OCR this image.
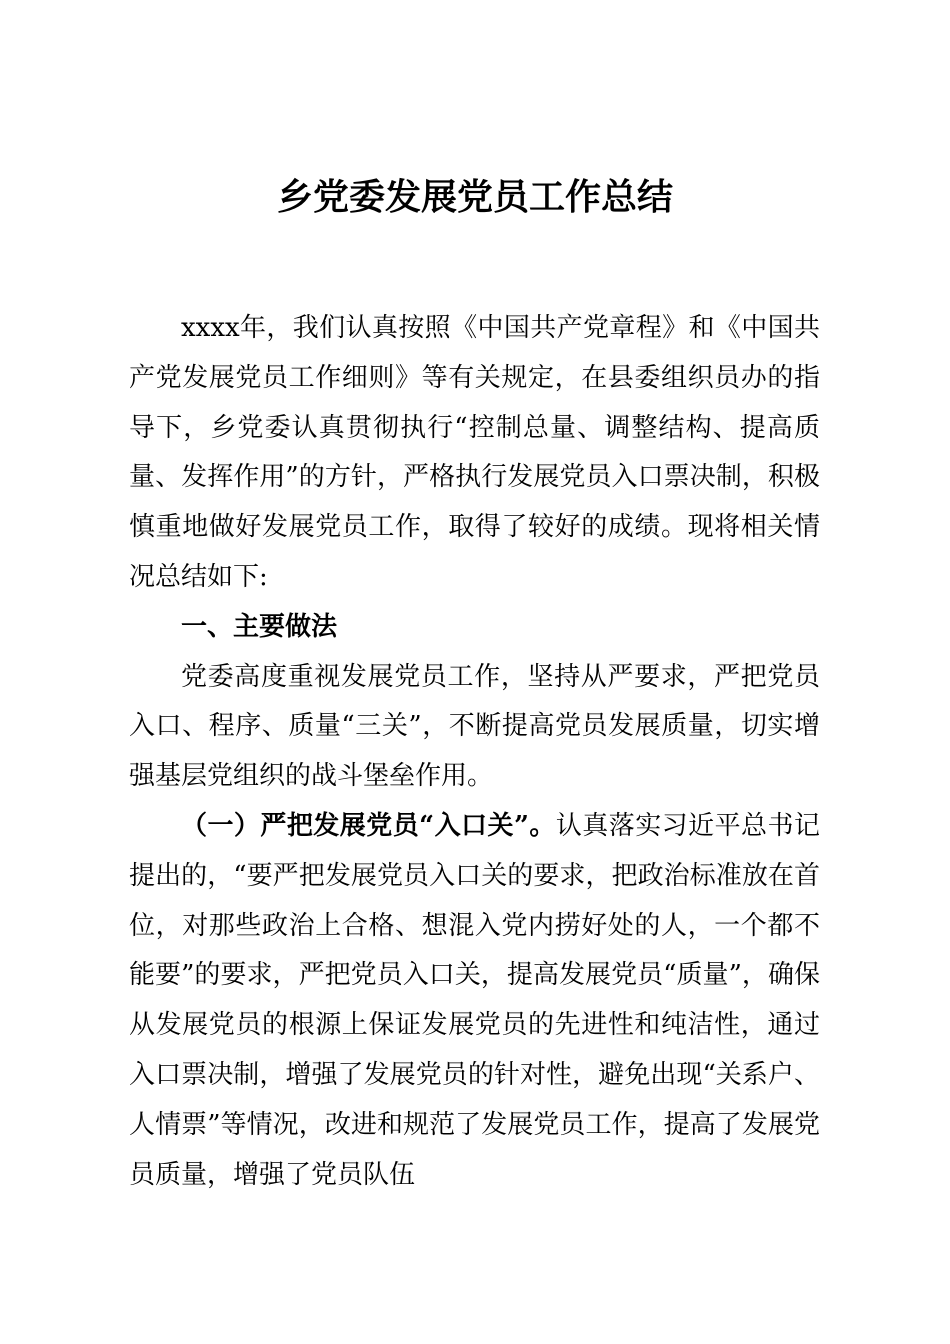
乡党委发展党员工作总结

xxxx年，我们认真按照《中国共产党章程》和《中国共产党发展党员工作细则》等有关规定，在县委组织员办的指导下，乡党委认真贯彻执行“控制总量、调整结构、提高质量、发挥作用”的方针，严格执行发展党员入口票决制，积极慎重地做好发展党员工作，取得了较好的成绩。现将相关情况总结如下:

一、主要做法

党委高度重视发展党员工作，坚持从严要求，严把党员入口、程序、质量“三关”，不断提高党员发展质量，切实增强基层党组织的战斗堡垒作用。

（一）严把发展党员“入口关”。认真落实习近平总书记提出的，“要严把发展党员入口关的要求，把政治标准放在首位，对那些政治上合格、想混入党内捞好处的人，一个都不能要”的要求，严把党员入口关，提高发展党员“质量”，确保从发展党员的根源上保证发展党员的先进性和纯洁性，通过入口票决制，增强了发展党员的针对性，避免出现“关系户、人情票”等情况，改进和规范了发展党员工作，提高了发展党员质量，增强了党员队伍
